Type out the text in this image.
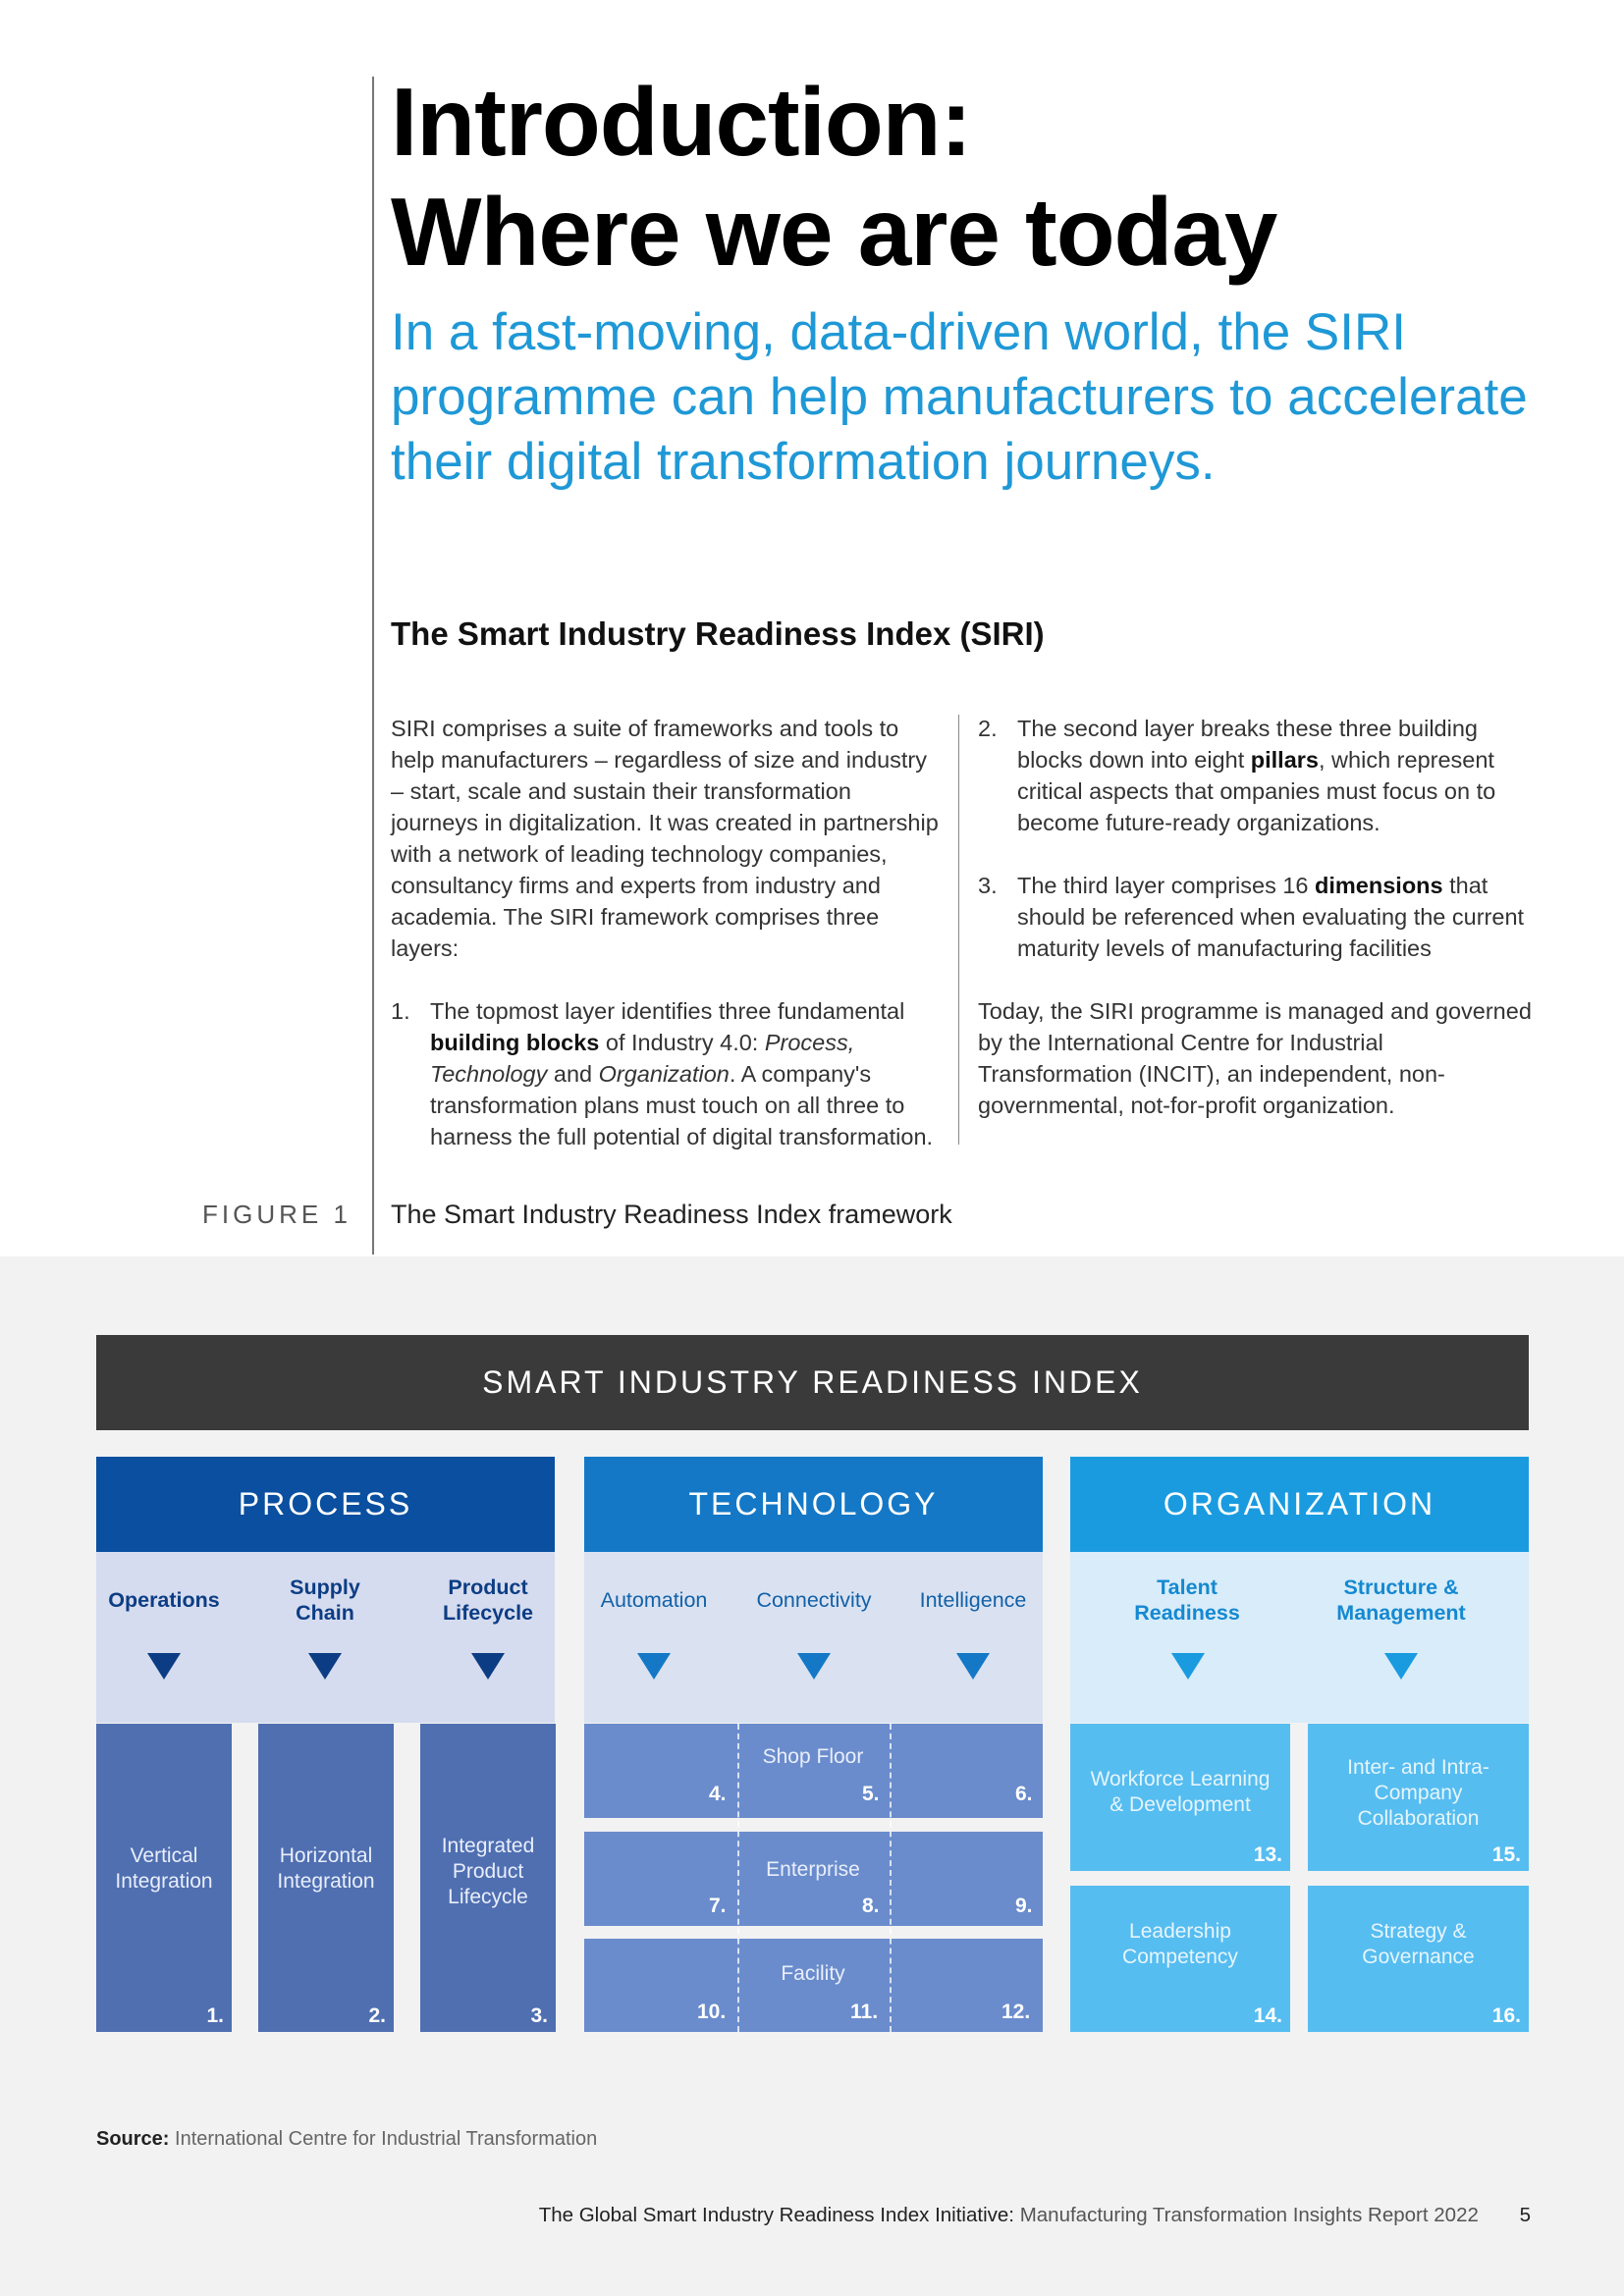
Introduction:
Where we are today

In a fast-moving, data-driven world, the SIRI programme can help manufacturers to accelerate their digital transformation journeys.

The Smart Industry Readiness Index (SIRI)

SIRI comprises a suite of frameworks and tools to help manufacturers – regardless of size and industry – start, scale and sustain their transformation journeys in digitalization. It was created in partnership with a network of leading technology companies, consultancy firms and experts from industry and academia. The SIRI framework comprises three layers:

1. The topmost layer identifies three fundamental building blocks of Industry 4.0: Process, Technology and Organization. A company's transformation plans must touch on all three to harness the full potential of digital transformation.

2. The second layer breaks these three building blocks down into eight pillars, which represent critical aspects that ompanies must focus on to become future-ready organizations.

3. The third layer comprises 16 dimensions that should be referenced when evaluating the current maturity levels of manufacturing facilities

Today, the SIRI programme is managed and governed by the International Centre for Industrial Transformation (INCIT), an independent, non-governmental, not-for-profit organization.

FIGURE 1 The Smart Industry Readiness Index framework
SMART INDUSTRY READINESS INDEX
PROCESS
Operations
Supply
Chain
Product
Lifecycle
Vertical
Integration
1.
Horizontal
Integration
2.
Integrated
Product
Lifecycle
3.
TECHNOLOGY
Automation	Connectivity	Intelligence
Shop Floor
Enterprise
Facility
4.	5.	6.
7.	8.	9.
10.	11.	12.
ORGANIZATION
Talent
Readiness
Structure &
Management
Workforce Learning
& Development
13.
Inter- and Intra-
Company
Collaboration
15.
Leadership
Competency
14.
Strategy &
Governance
16.
Source: International Centre for Industrial Transformation
The Global Smart Industry Readiness Index Initiative: Manufacturing Transformation Insights Report 2022 5
